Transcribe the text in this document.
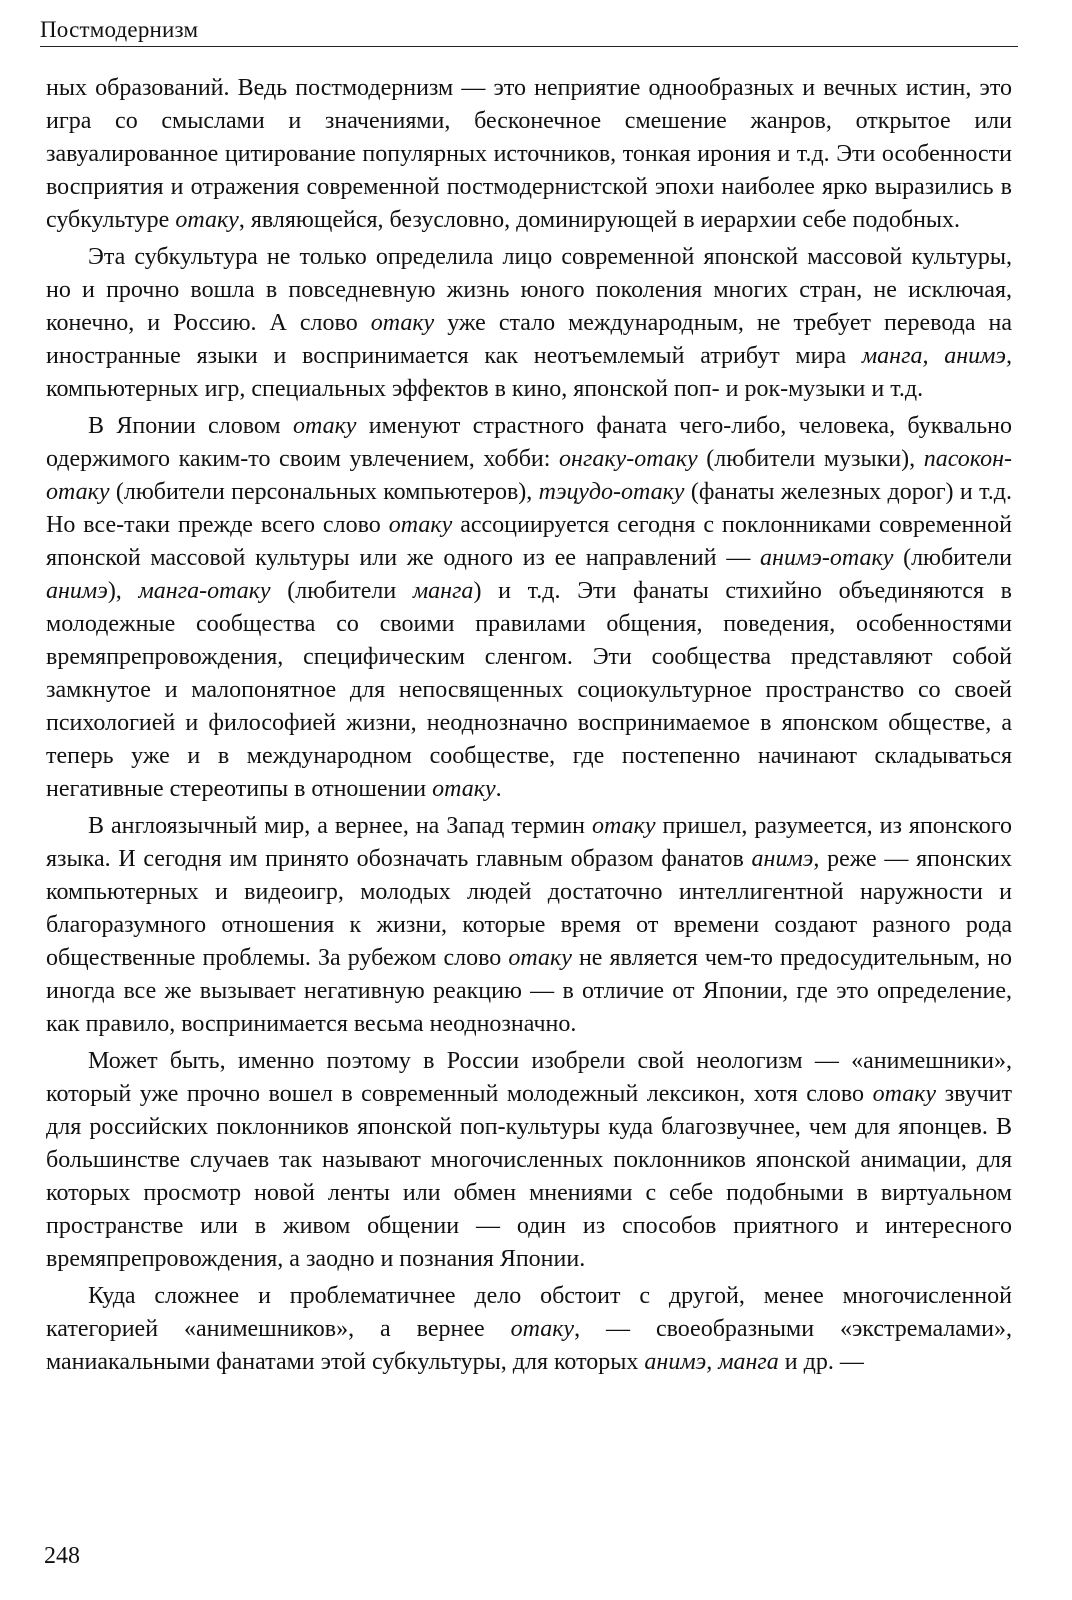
Постмодернизм

ных образований. Ведь постмодернизм — это неприятие однообразных и вечных истин, это игра со смыслами и значениями, бесконечное смешение жанров, открытое или завуалированное цитирование популярных источников, тонкая ирония и т.д. Эти особенности восприятия и отражения современной постмодернистской эпохи наиболее ярко выразились в субкультуре отаку, являющейся, безусловно, доминирующей в иерархии себе подобных.

Эта субкультура не только определила лицо современной японской массовой культуры, но и прочно вошла в повседневную жизнь юного поколения многих стран, не исключая, конечно, и Россию. А слово отаку уже стало международным, не требует перевода на иностранные языки и воспринимается как неотъемлемый атрибут мира манга, анимэ, компьютерных игр, специальных эффектов в кино, японской поп- и рок-музыки и т.д.

В Японии словом отаку именуют страстного фаната чего-либо, человека, буквально одержимого каким-то своим увлечением, хобби: онгаку-отаку (любители музыки), пасокон-отаку (любители персональных компьютеров), тэцудо-отаку (фанаты железных дорог) и т.д. Но все-таки прежде всего слово отаку ассоциируется сегодня с поклонниками современной японской массовой культуры или же одного из ее направлений — анимэ-отаку (любители анимэ), манга-отаку (любители манга) и т.д. Эти фанаты стихийно объединяются в молодежные сообщества со своими правилами общения, поведения, особенностями времяпрепровождения, специфическим сленгом. Эти сообщества представляют собой замкнутое и малопонятное для непосвященных социокультурное пространство со своей психологией и философией жизни, неоднозначно воспринимаемое в японском обществе, а теперь уже и в международном сообществе, где постепенно начинают складываться негативные стереотипы в отношении отаку.

В англоязычный мир, а вернее, на Запад термин отаку пришел, разумеется, из японского языка. И сегодня им принято обозначать главным образом фанатов анимэ, реже — японских компьютерных и видеоигр, молодых людей достаточно интеллигентной наружности и благоразумного отношения к жизни, которые время от времени создают разного рода общественные проблемы. За рубежом слово отаку не является чем-то предосудительным, но иногда все же вызывает негативную реакцию — в отличие от Японии, где это определение, как правило, воспринимается весьма неоднозначно.

Может быть, именно поэтому в России изобрели свой неологизм — «анимешники», который уже прочно вошел в современный молодежный лексикон, хотя слово отаку звучит для российских поклонников японской поп-культуры куда благозвучнее, чем для японцев. В большинстве случаев так называют многочисленных поклонников японской анимации, для которых просмотр новой ленты или обмен мнениями с себе подобными в виртуальном пространстве или в живом общении — один из способов приятного и интересного времяпрепровождения, а заодно и познания Японии.

Куда сложнее и проблематичнее дело обстоит с другой, менее многочисленной категорией «анимешников», а вернее отаку, — своеобразными «экстремалами», маниакальными фанатами этой субкультуры, для которых анимэ, манга и др. —

248
